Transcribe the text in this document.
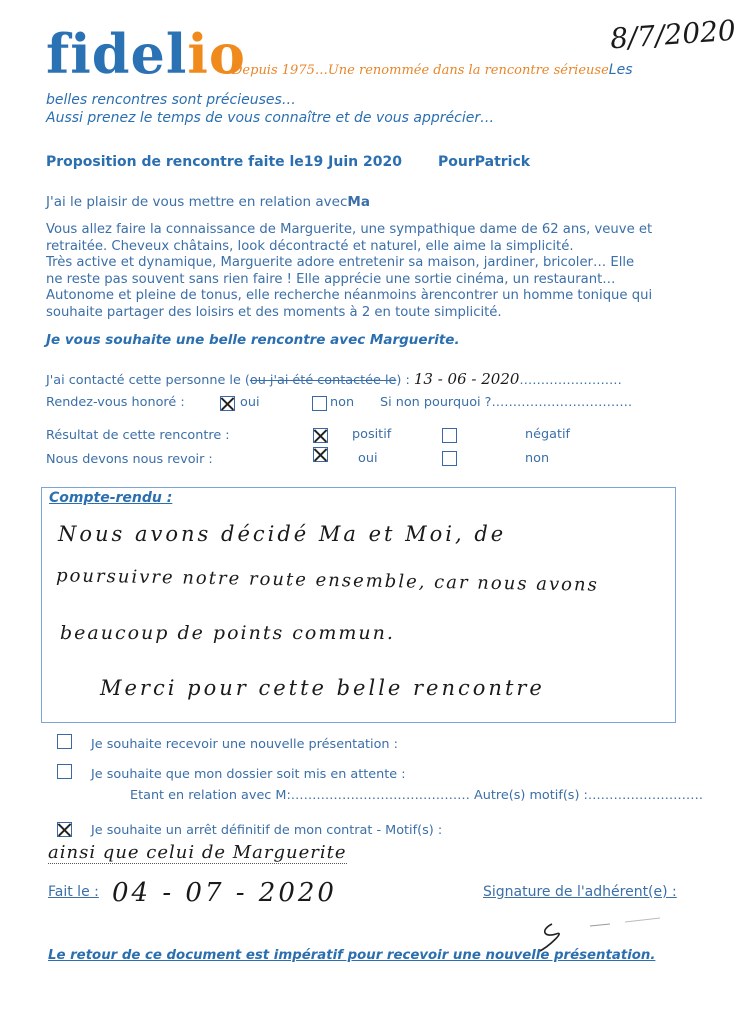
fidelio
Depuis 1975…Une renommée dans la rencontre sérieuseLes
8/7/2020
belles rencontres sont précieuses…
Aussi prenez le temps de vous connaître et de vous apprécier…
Proposition de rencontre faite le19 Juin 2020	PourPatrick
J'ai le plaisir de vous mettre en relation avecMa
Vous allez faire la connaissance de Marguerite, une sympathique dame de 62 ans, veuve et
retraitée. Cheveux châtains, look décontracté et naturel, elle aime la simplicité.
Très active et dynamique, Marguerite adore entretenir sa maison, jardiner, bricoler… Elle
ne reste pas souvent sans rien faire ! Elle apprécie une sortie cinéma, un restaurant…
Autonome et pleine de tonus, elle recherche néanmoins àrencontrer un homme tonique qui
souhaite partager des loisirs et des moments à 2 en toute simplicité.
Je vous souhaite une belle rencontre avec Marguerite.
J'ai contacté cette personne le (ou j'ai été contactée le) : 13 - 06 - 2020……………………
Rendez-vous honoré :	oui	non Si non pourquoi ?……………………………
Résultat de cette rencontre :	positif	négatif
Nous devons nous revoir :	oui	non
Compte-rendu :
Nous avons décidé Ma et Moi, de
poursuivre notre route ensemble, car nous avons
beaucoup de points commun.
Merci pour cette belle rencontre
Je souhaite recevoir une nouvelle présentation :
Je souhaite que mon dossier soit mis en attente :
Etant en relation avec M:…………………………………… Autre(s) motif(s) :………………………
Je souhaite un arrêt définitif de mon contrat - Motif(s) :
ainsi que celui de Marguerite
Fait le : 04 - 07 - 2020	Signature de l'adhérent(e) :
Le retour de ce document est impératif pour recevoir une nouvelle présentation.
